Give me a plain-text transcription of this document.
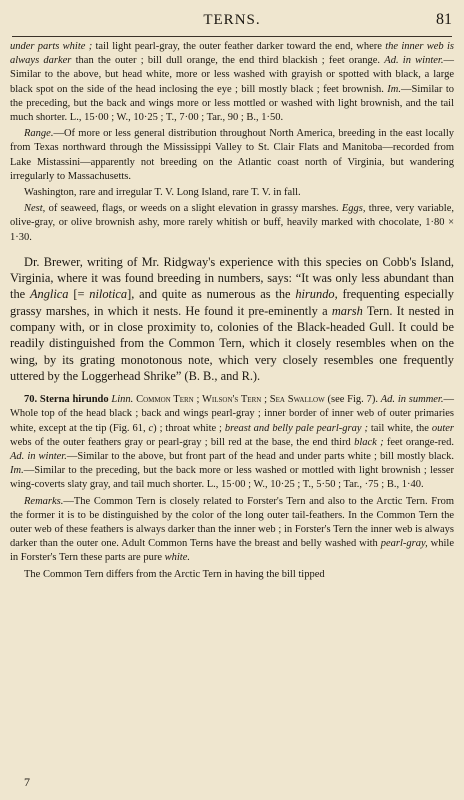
TERNS.	81

under parts white ; tail light pearl-gray, the outer feather darker toward the end, where the inner web is always darker than the outer ; bill dull orange, the end third blackish ; feet orange. Ad. in winter.—Similar to the above, but head white, more or less washed with grayish or spotted with black, a large black spot on the side of the head inclosing the eye ; bill mostly black ; feet brownish. Im.—Similar to the preceding, but the back and wings more or less mottled or washed with light brownish, and the tail much shorter. L., 15·00 ; W., 10·25 ; T., 7·00 ; Tar., 90 ; B., 1·50.

Range.—Of more or less general distribution throughout North America, breeding in the east locally from Texas northward through the Mississippi Valley to St. Clair Flats and Manitoba—recorded from Lake Mistassini—apparently not breeding on the Atlantic coast north of Virginia, but wandering irregularly to Massachusetts.

Washington, rare and irregular T. V. Long Island, rare T. V. in fall.

Nest, of seaweed, flags, or weeds on a slight elevation in grassy marshes. Eggs, three, very variable, olive-gray, or olive brownish ashy, more rarely whitish or buff, heavily marked with chocolate, 1·80 × 1·30.

Dr. Brewer, writing of Mr. Ridgway's experience with this species on Cobb's Island, Virginia, where it was found breeding in numbers, says: “It was only less abundant than the Anglica [= nilotica], and quite as numerous as the hirundo, frequenting especially grassy marshes, in which it nests. He found it pre-eminently a marsh Tern. It nested in company with, or in close proximity to, colonies of the Black-headed Gull. It could be readily distinguished from the Common Tern, which it closely resembles when on the wing, by its grating monotonous note, which very closely resembles one frequently uttered by the Loggerhead Shrike” (B. B., and R.).

70. Sterna hirundo Linn. Common Tern ; Wilson's Tern ; Sea Swallow (see Fig. 7). Ad. in summer.—Whole top of the head black ; back and wings pearl-gray ; inner border of inner web of outer primaries white, except at the tip (Fig. 61, c) ; throat white ; breast and belly pale pearl-gray ; tail white, the outer webs of the outer feathers gray or pearl-gray ; bill red at the base, the end third black ; feet orange-red. Ad. in winter.—Similar to the above, but front part of the head and under parts white ; bill mostly black. Im.—Similar to the preceding, but the back more or less washed or mottled with light brownish ; lesser wing-coverts slaty gray, and tail much shorter. L., 15·00 ; W., 10·25 ; T., 5·50 ; Tar., ·75 ; B., 1·40.

Remarks.—The Common Tern is closely related to Forster's Tern and also to the Arctic Tern. From the former it is to be distinguished by the color of the long outer tail-feathers. In the Common Tern the outer web of these feathers is always darker than the inner web ; in Forster's Tern the inner web is always darker than the outer one. Adult Common Terns have the breast and belly washed with pearl-gray, while in Forster's Tern these parts are pure white.

The Common Tern differs from the Arctic Tern in having the bill tipped

7
